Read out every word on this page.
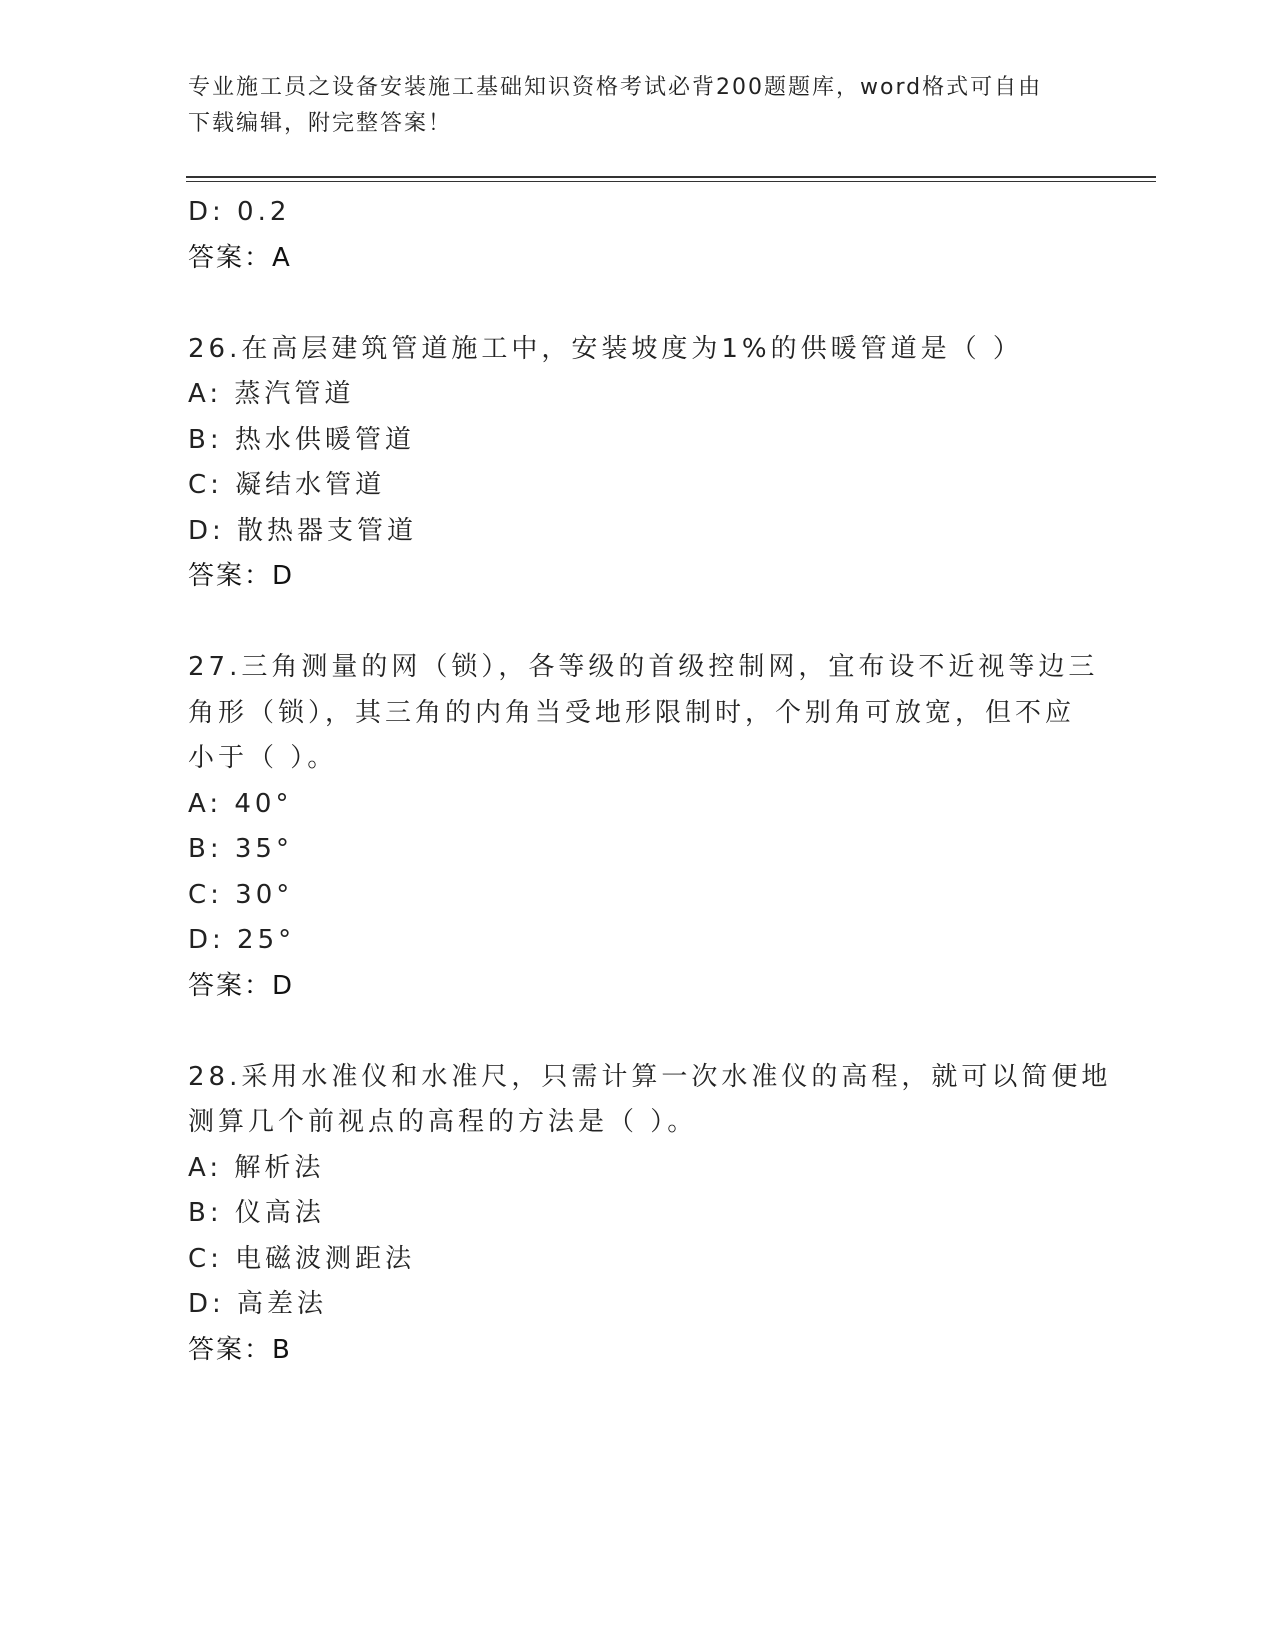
专业施工员之设备安装施工基础知识资格考试必背200题题库，word格式可自由
下载编辑，附完整答案！
D: 0.2
答案：A
26.在高层建筑管道施工中，安装坡度为1%的供暖管道是（ ）
A: 蒸汽管道
B: 热水供暖管道
C: 凝结水管道
D: 散热器支管道
答案：D
27.三角测量的网（锁），各等级的首级控制网，宜布设不近视等边三
角形（锁），其三角的内角当受地形限制时，个别角可放宽，但不应
小于（ ）。
A: 40°
B: 35°
C: 30°
D: 25°
答案：D
28.采用水准仪和水准尺，只需计算一次水准仪的高程，就可以简便地
测算几个前视点的高程的方法是（ ）。
A: 解析法
B: 仪高法
C: 电磁波测距法
D: 高差法
答案：B
